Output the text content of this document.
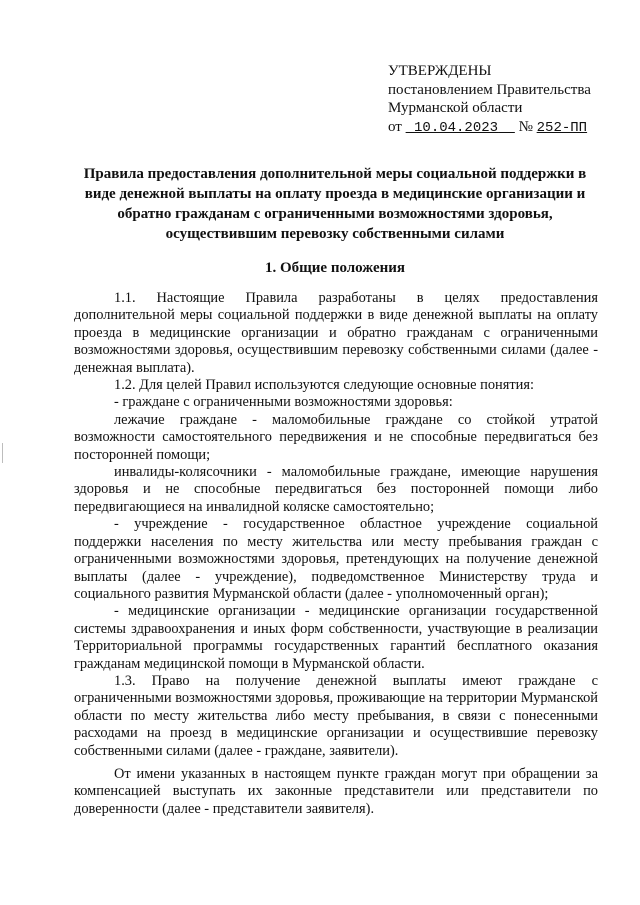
УТВЕРЖДЕНЫ
постановлением Правительства
Мурманской области
от 10.04.2023 № 252-ПП
Правила предоставления дополнительной меры социальной поддержки в виде денежной выплаты на оплату проезда в медицинские организации и обратно гражданам с ограниченными возможностями здоровья, осуществившим перевозку собственными силами
1. Общие положения

1.1. Настоящие Правила разработаны в целях предоставления дополнительной меры социальной поддержки в виде денежной выплаты на оплату проезда в медицинские организации и обратно гражданам с ограниченными возможностями здоровья, осуществившим перевозку собственными силами (далее - денежная выплата).

1.2. Для целей Правил используются следующие основные понятия:

- граждане с ограниченными возможностями здоровья:

лежачие граждане - маломобильные граждане со стойкой утратой возможности самостоятельного передвижения и не способные передвигаться без посторонней помощи;

инвалиды-колясочники - маломобильные граждане, имеющие нарушения здоровья и не способные передвигаться без посторонней помощи либо передвигающиеся на инвалидной коляске самостоятельно;

- учреждение - государственное областное учреждение социальной поддержки населения по месту жительства или месту пребывания граждан с ограниченными возможностями здоровья, претендующих на получение денежной выплаты (далее - учреждение), подведомственное Министерству труда и социального развития Мурманской области (далее - уполномоченный орган);

- медицинские организации - медицинские организации государственной системы здравоохранения и иных форм собственности, участвующие в реализации Территориальной программы государственных гарантий бесплатного оказания гражданам медицинской помощи в Мурманской области.

1.3. Право на получение денежной выплаты имеют граждане с ограниченными возможностями здоровья, проживающие на территории Мурманской области по месту жительства либо месту пребывания, в связи с понесенными расходами на проезд в медицинские организации и осуществившие перевозку собственными силами (далее - граждане, заявители).

От имени указанных в настоящем пункте граждан могут при обращении за компенсацией выступать их законные представители или представители по доверенности (далее - представители заявителя).
